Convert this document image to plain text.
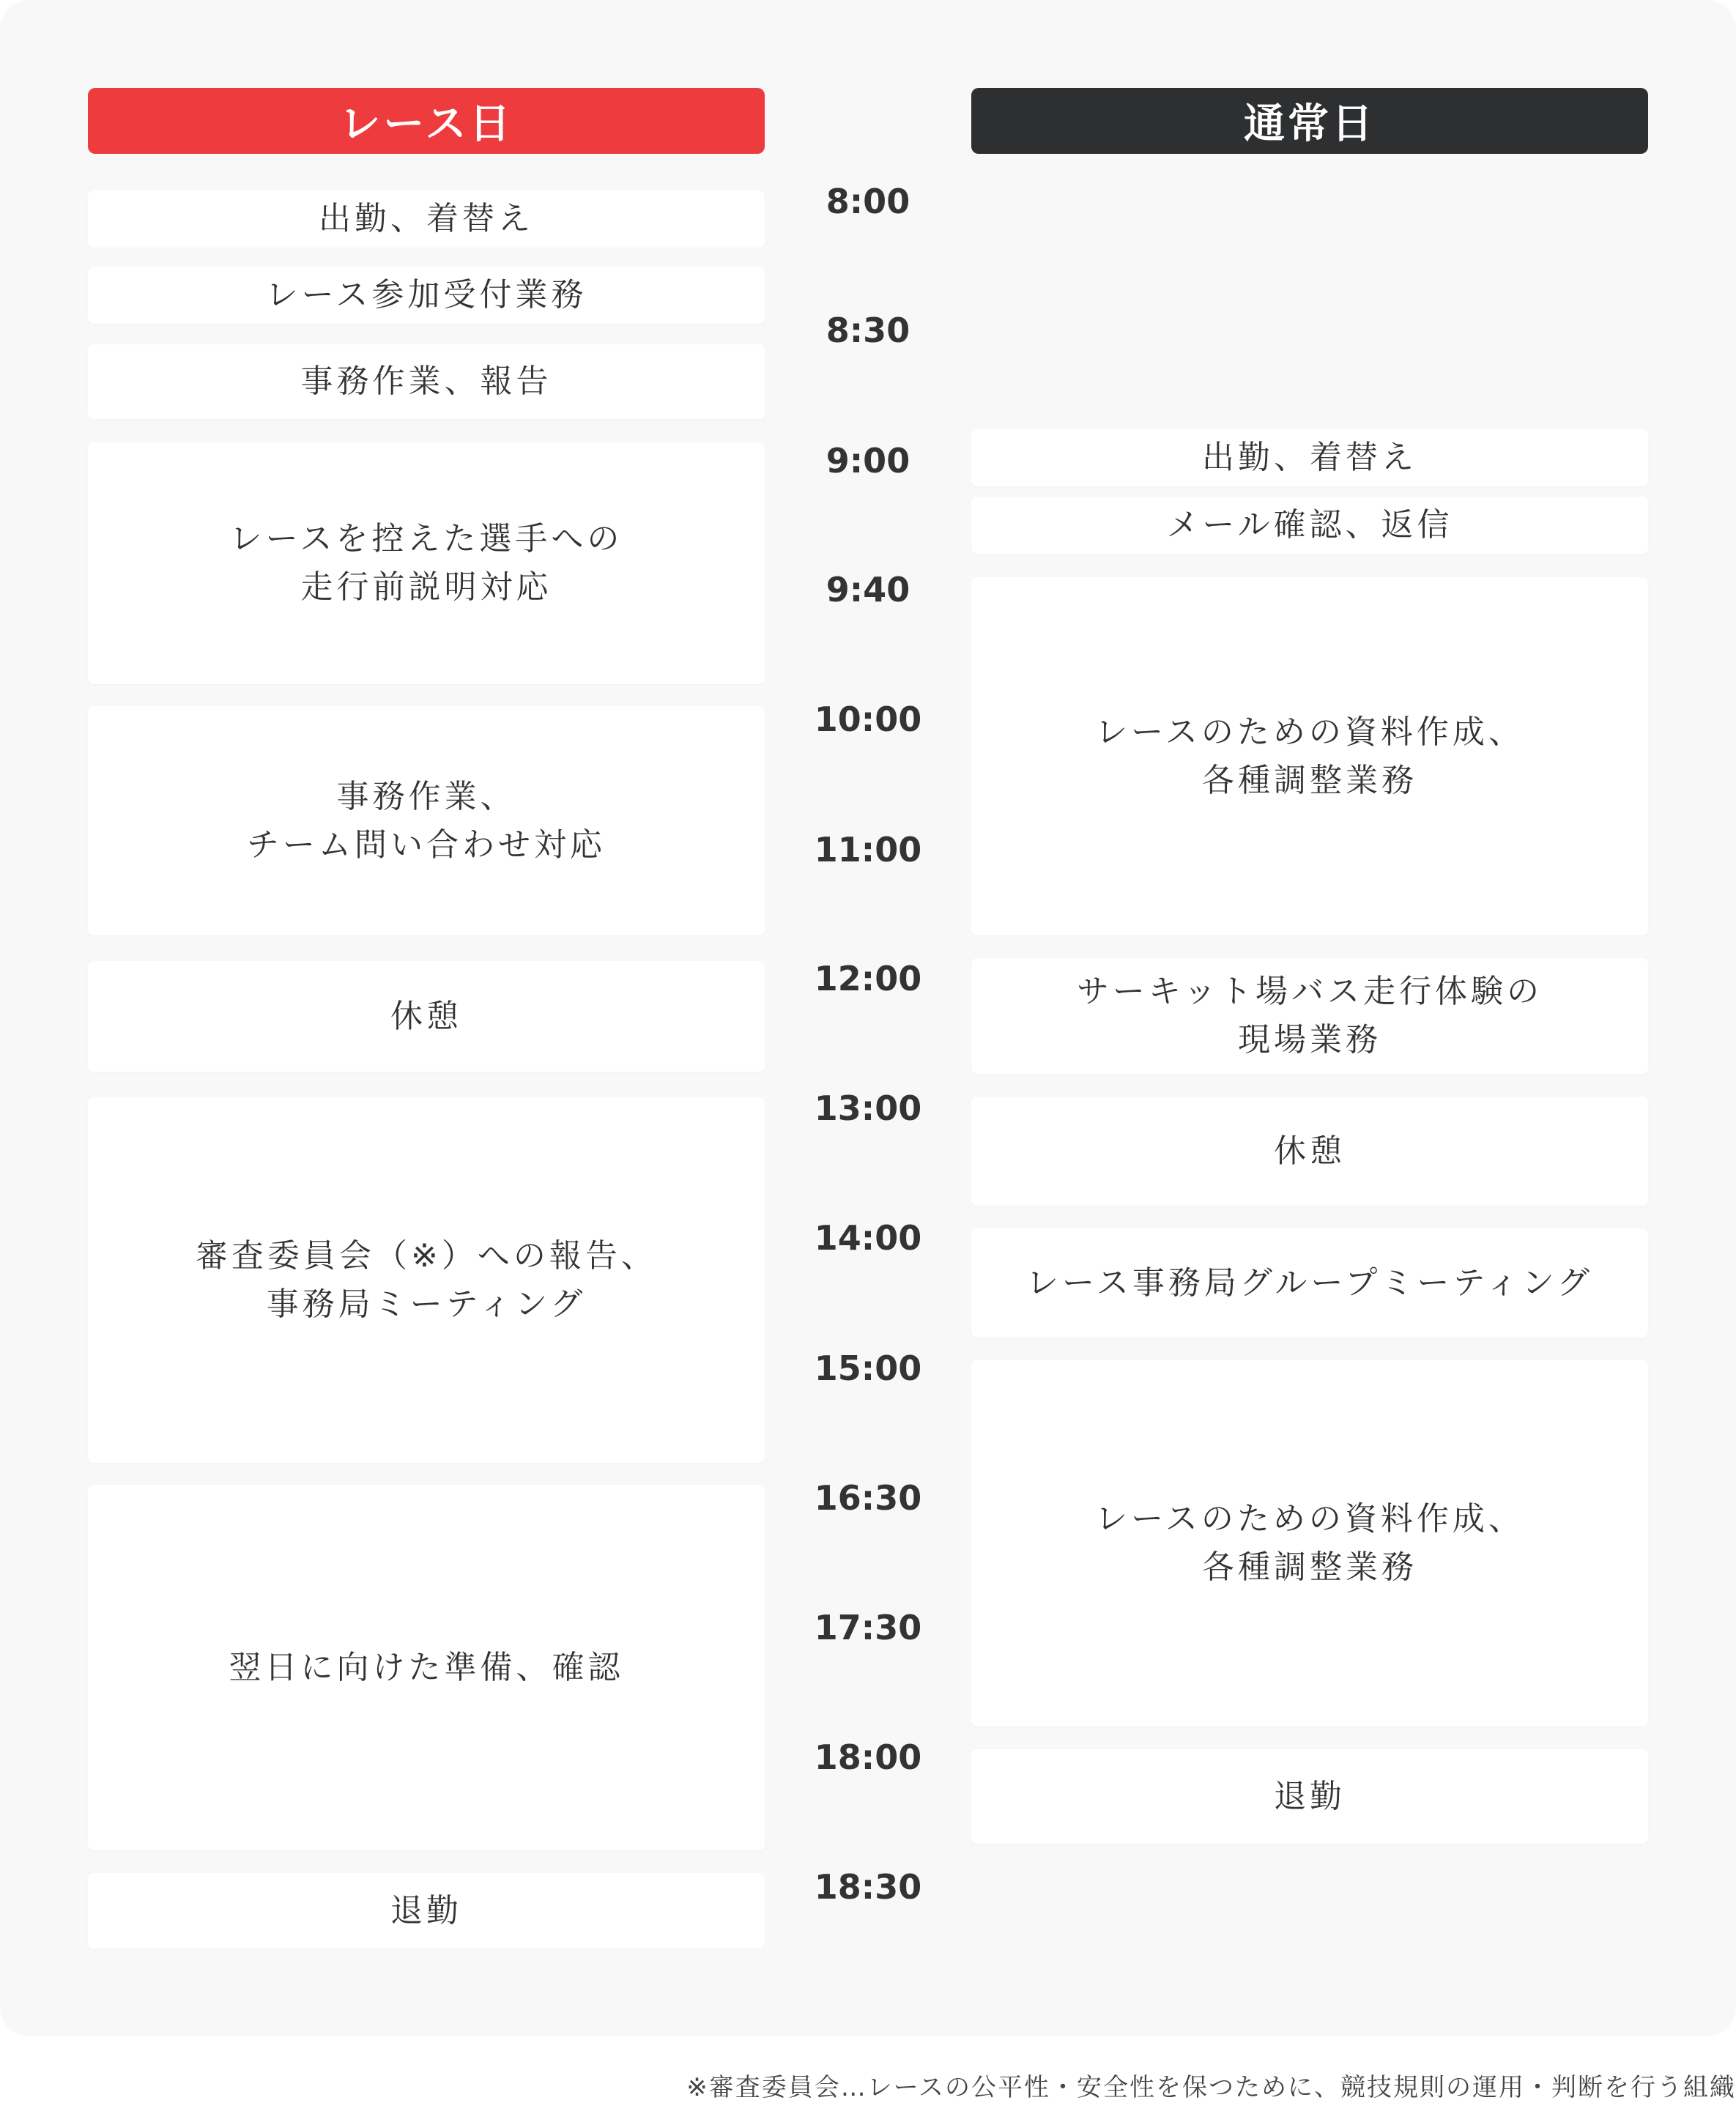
レース日	通常日
出勤、着替え
レース参加受付業務
事務作業、報告
レースを控えた選手への
走行前説明対応
事務作業、
チーム問い合わせ対応
休憩
審査委員会（※）への報告、
事務局ミーティング
翌日に向けた準備、確認
退勤
8:00
8:30
9:00
9:40
10:00
11:00
12:00
13:00
14:00
15:00
16:30
17:30
18:00
18:30
出勤、着替え
メール確認、返信
レースのための資料作成、
各種調整業務
サーキット場バス走行体験の
現場業務
休憩
レース事務局グループミーティング
レースのための資料作成、
各種調整業務
退勤
※審査委員会…レースの公平性・安全性を保つために、競技規則の運用・判断を行う組織
